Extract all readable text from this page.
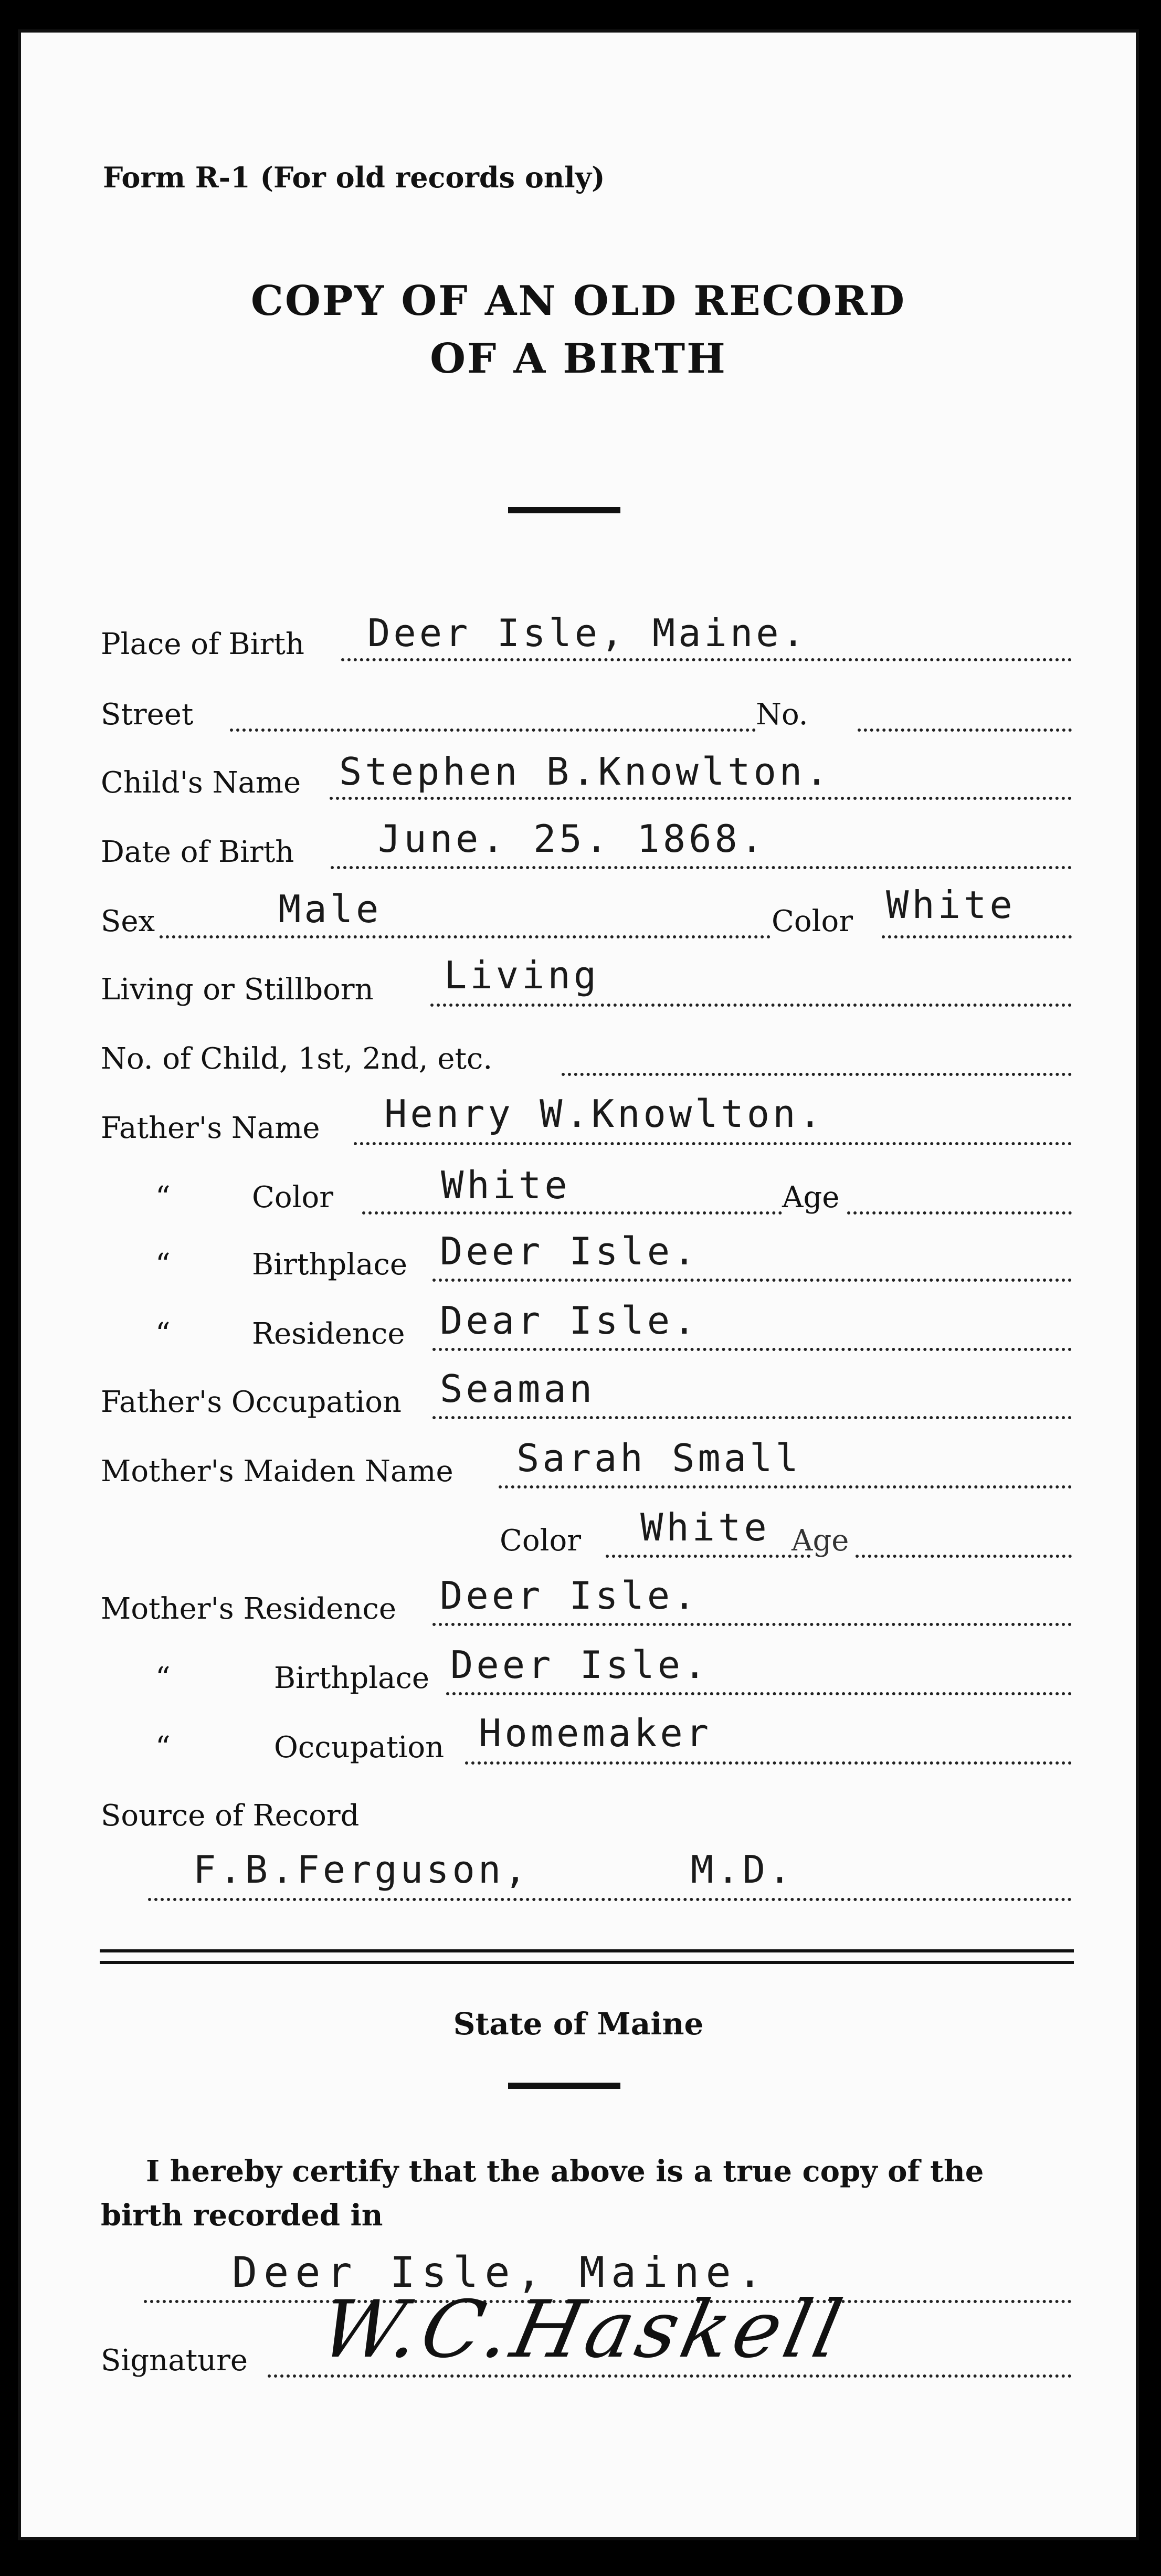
Form R-1 (For old records only)
COPY OF AN OLD RECORD
OF A BIRTH
Place of Birth Deer Isle, Maine.
Street	No.
Child's Name Stephen B.Knowlton.
Date of Birth June. 25. 1868.
Sex	Male	Color White
Living or Stillborn Living
No. of Child, 1st, 2nd, etc.
Father's Name Henry W.Knowlton.
“	Color	White	Age
“	Birthplace Deer Isle.
“	Residence Dear Isle.
Father's Occupation Seaman
Mother's Maiden Name Sarah Small
Color White Age
Mother's Residence Deer Isle.
“	Birthplace Deer Isle.
“	Occupation Homemaker
Source of Record
F.B.Ferguson,	M.D.
State of Maine
I hereby certify that the above is a true copy of the
birth recorded in
Deer Isle, Maine.
Signature W.C.Haskell
